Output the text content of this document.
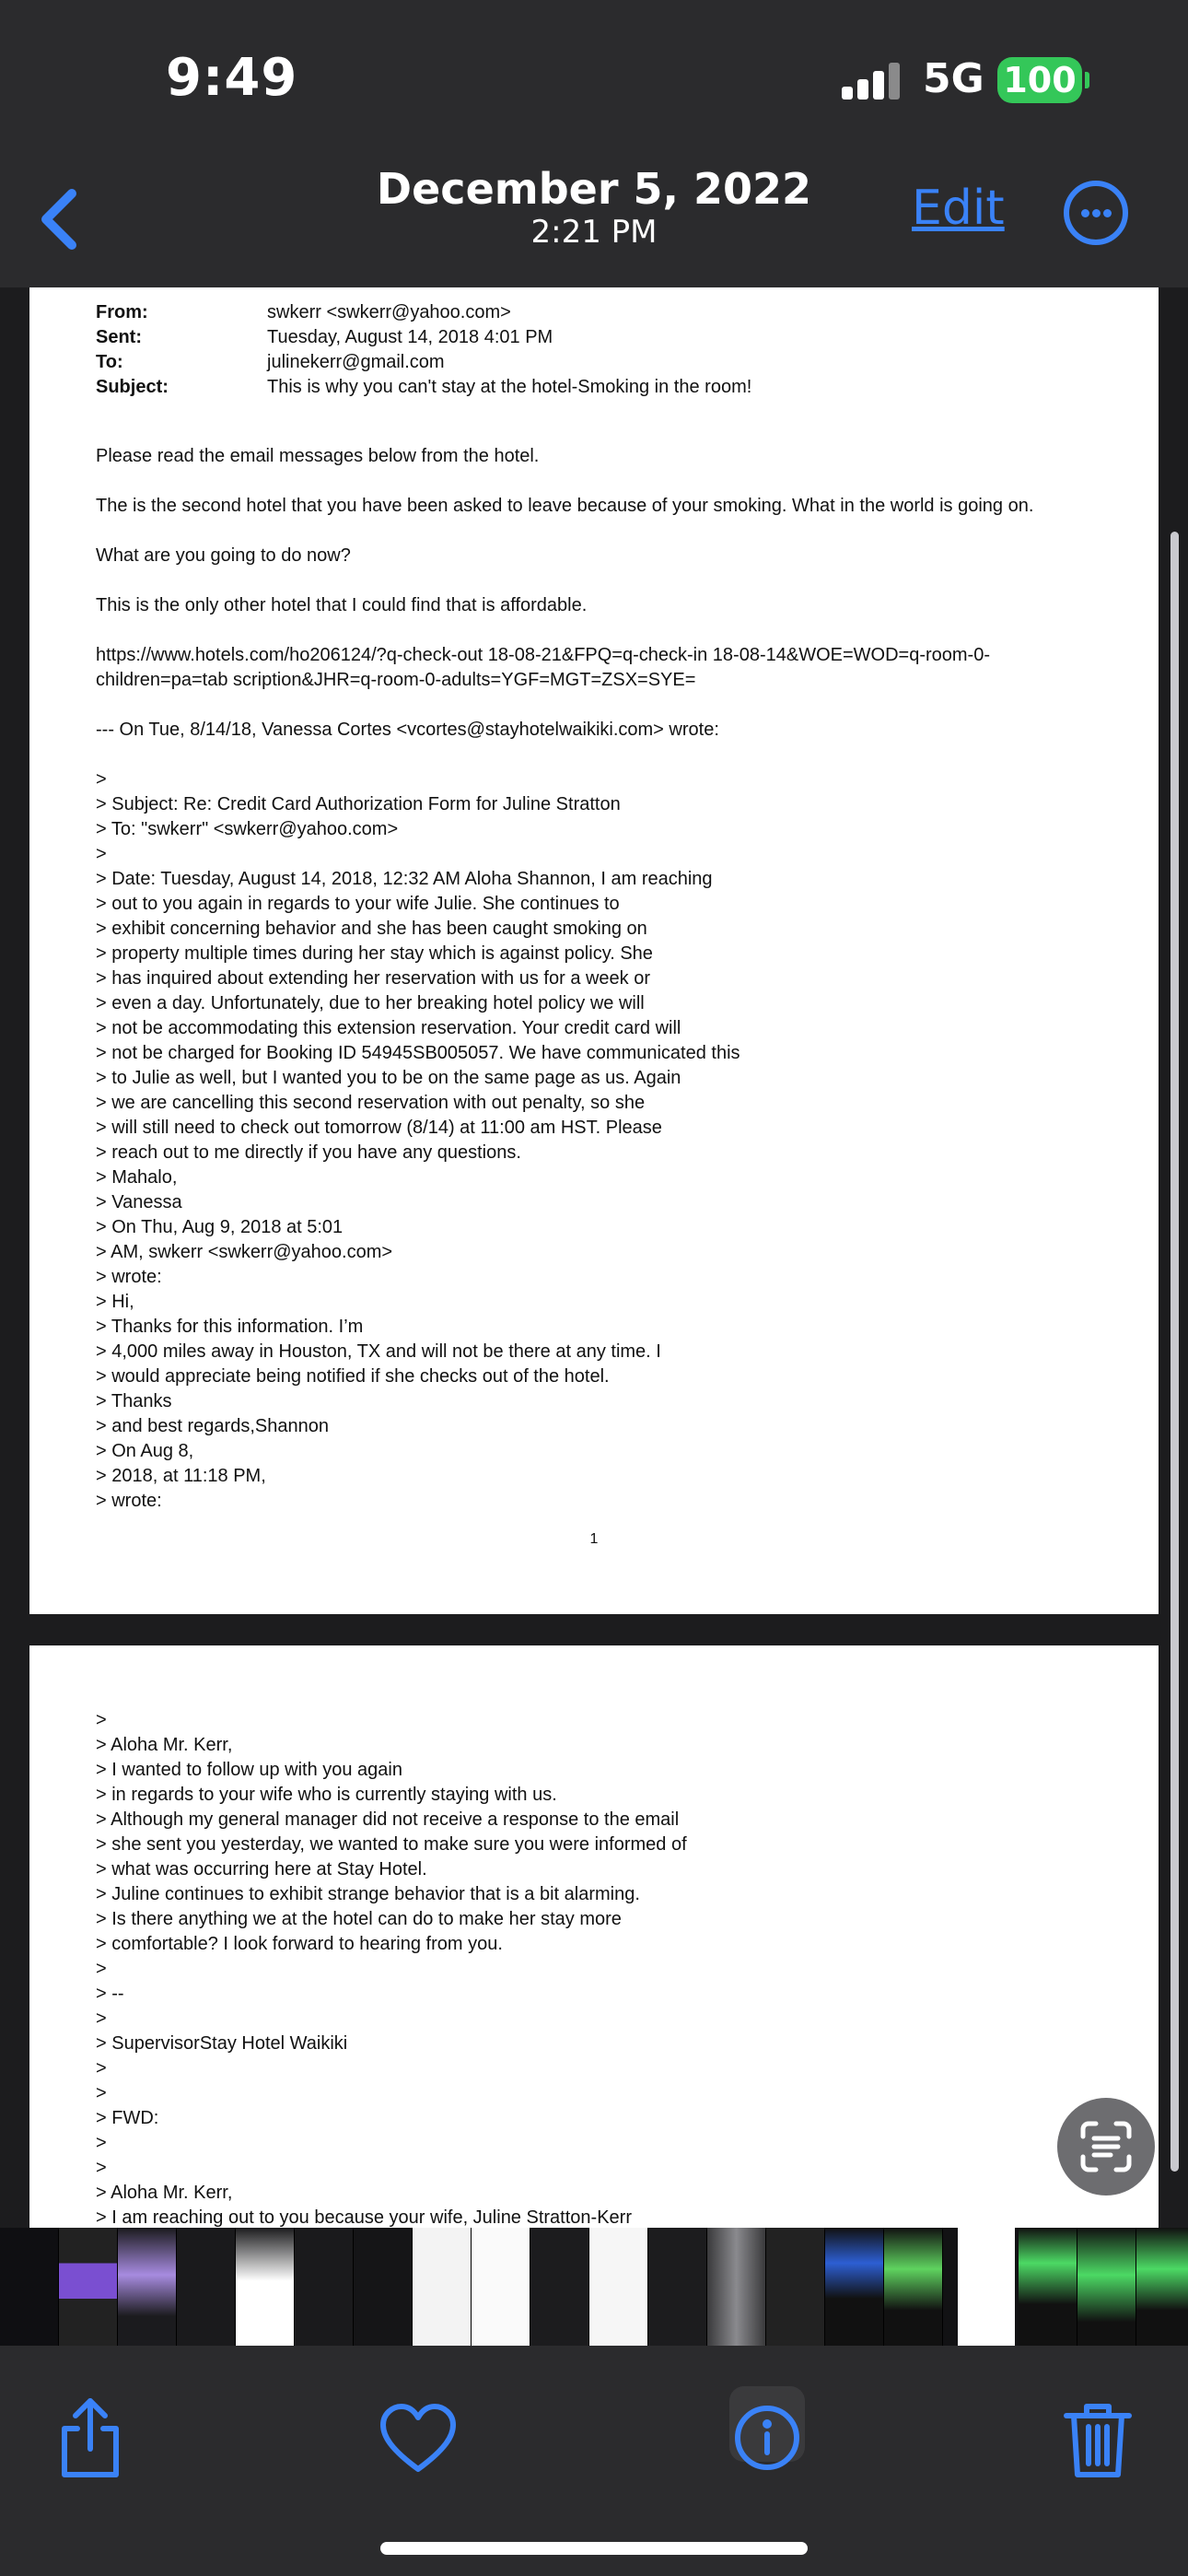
9:49	5G 100
December 5, 2022
2:21 PM	Edit
From:	swkerr <swkerr@yahoo.com>
Sent:	Tuesday, August 14, 2018 4:01 PM
To:	julinekerr@gmail.com
Subject:	This is why you can't stay at the hotel-Smoking in the room!

Please read the email messages below from the hotel.

The is the second hotel that you have been asked to leave because of your smoking. What in the world is going on.

What are you going to do now?

This is the only other hotel that I could find that is affordable.

https://www.hotels.com/ho206124/?q-check-out 18-08-21&FPQ=q-check-in 18-08-14&WOE=WOD=q-room-0-children=pa=tab scription&JHR=q-room-0-adults=YGF=MGT=ZSX=SYE=

--- On Tue, 8/14/18, Vanessa Cortes <vcortes@stayhotelwaikiki.com> wrote:

>
> Subject: Re: Credit Card Authorization Form for Juline Stratton
> To: "swkerr" <swkerr@yahoo.com>
>
> Date: Tuesday, August 14, 2018, 12:32 AM Aloha Shannon, I am reaching
> out to you again in regards to your wife Julie. She continues to
> exhibit concerning behavior and she has been caught smoking on
> property multiple times during her stay which is against policy. She
> has inquired about extending her reservation with us for a week or
> even a day. Unfortunately, due to her breaking hotel policy we will
> not be accommodating this extension reservation. Your credit card will
> not be charged for Booking ID 54945SB005057. We have communicated this
> to Julie as well, but I wanted you to be on the same page as us. Again
> we are cancelling this second reservation with out penalty, so she
> will still need to check out tomorrow (8/14) at 11:00 am HST. Please
> reach out to me directly if you have any questions.
> Mahalo,
> Vanessa
> On Thu, Aug 9, 2018 at 5:01
> AM, swkerr <swkerr@yahoo.com>
> wrote:
> Hi,
> Thanks for this information. I’m
> 4,000 miles away in Houston, TX and will not be there at any time. I
> would appreciate being notified if she checks out of the hotel.
> Thanks
> and best regards,Shannon
> On Aug 8,
> 2018, at 11:18 PM,
> wrote:
1
>
> Aloha Mr. Kerr,
> I wanted to follow up with you again
> in regards to your wife who is currently staying with us.
> Although my general manager did not receive a response to the email
> she sent you yesterday, we wanted to make sure you were informed of
> what was occurring here at Stay Hotel.
> Juline continues to exhibit strange behavior that is a bit alarming.
> Is there anything we at the hotel can do to make her stay more
> comfortable? I look forward to hearing from you.
>
> --
>
> SupervisorStay Hotel Waikiki
>
>
> FWD:
>
>
> Aloha Mr. Kerr,
> I am reaching out to you because your wife, Juline Stratton-Kerr
